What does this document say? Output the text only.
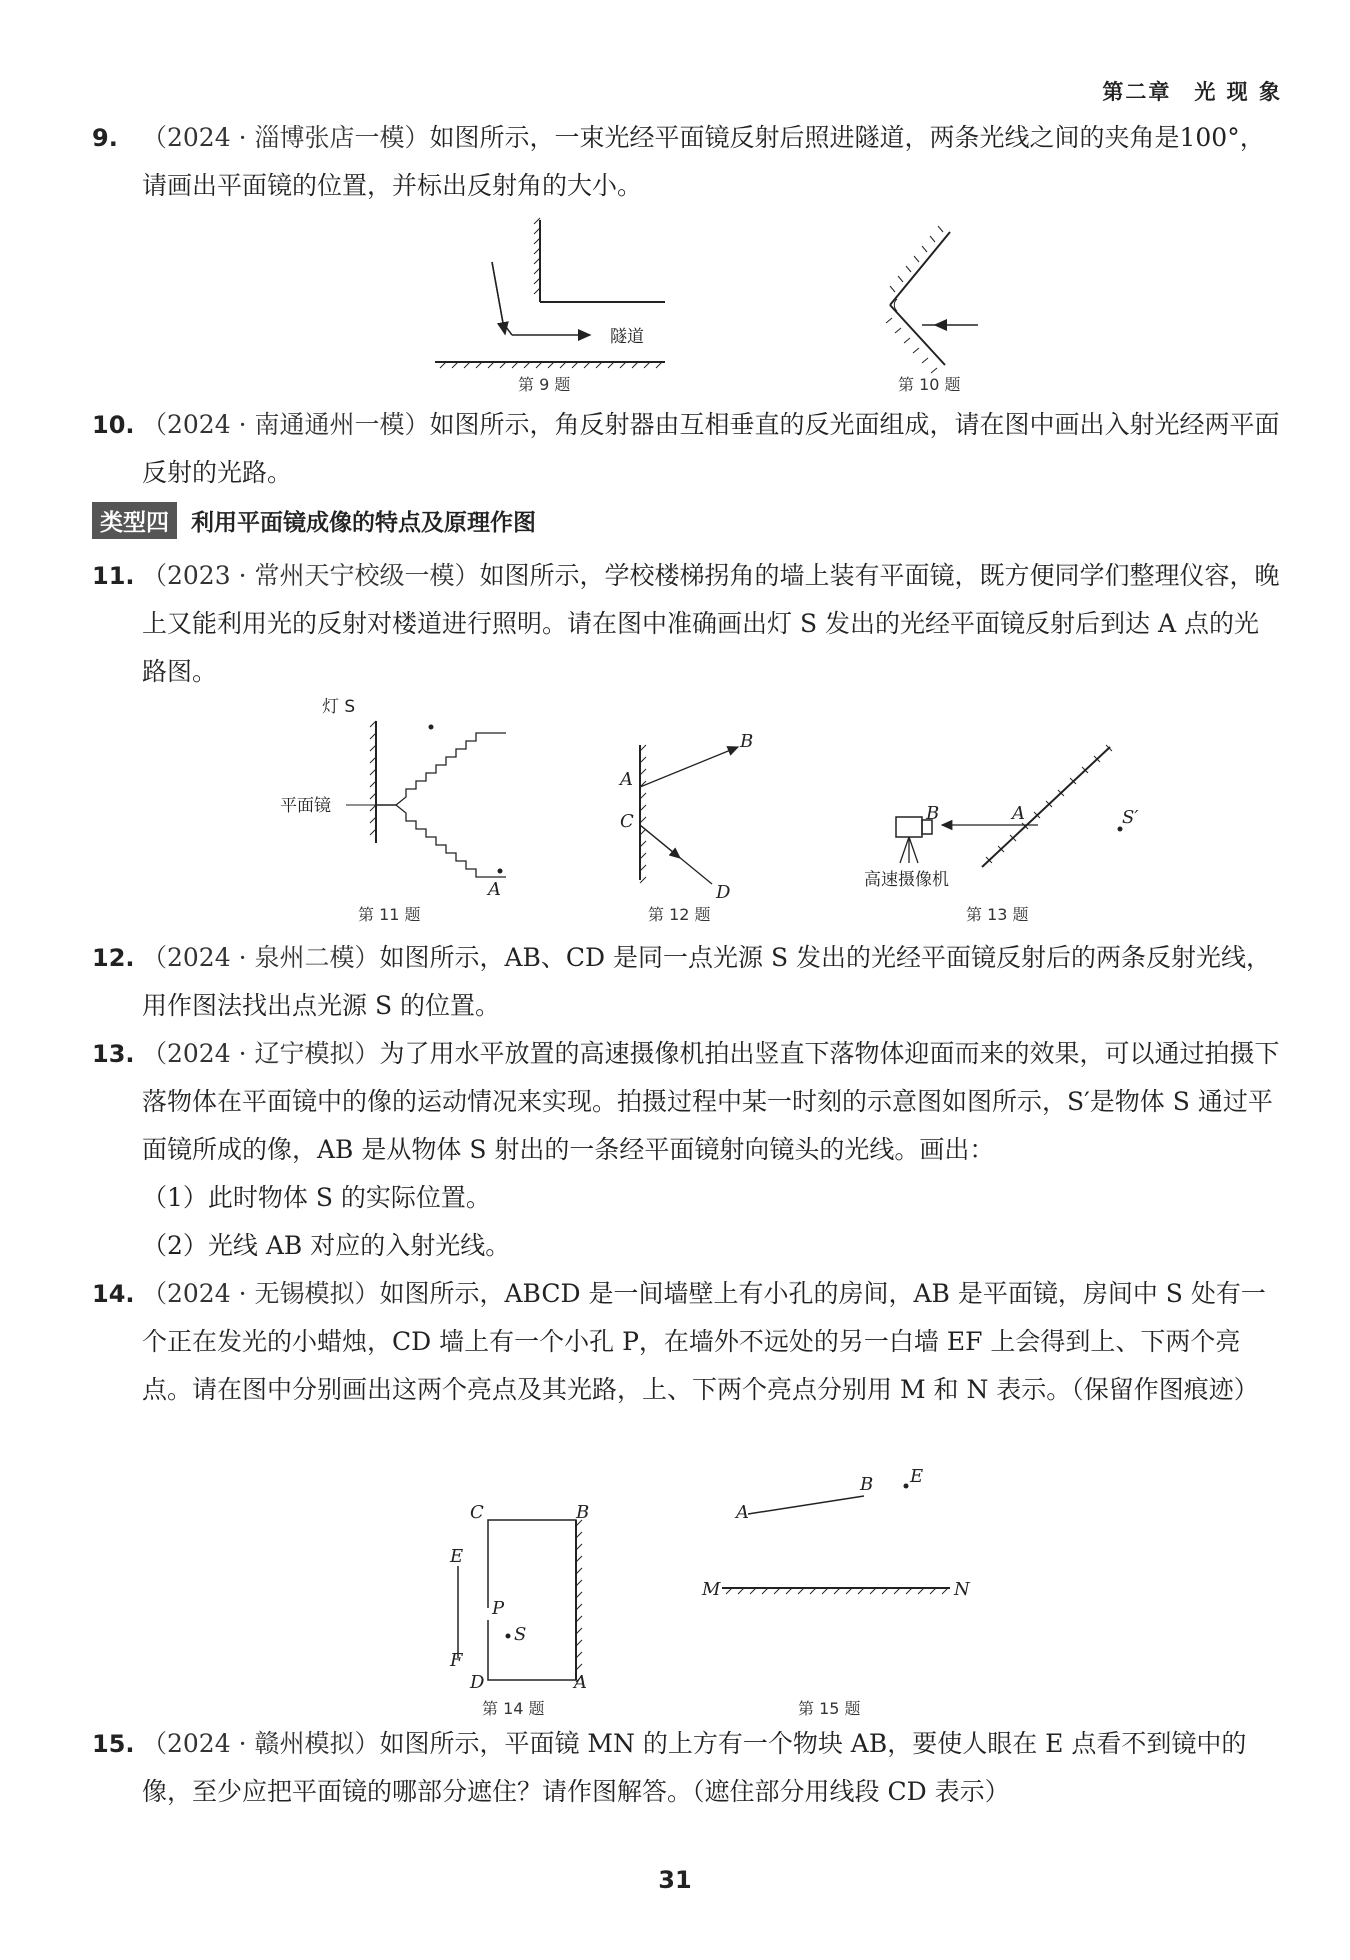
第二章　光 现 象
9. （2024 · 淄博张店一模）如图所示，一束光经平面镜反射后照进隧道，两条光线之间的夹角是100°，请画出平面镜的位置，并标出反射角的大小。
隧道
第 9 题	第 10 题
10. （2024 · 南通通州一模）如图所示，角反射器由互相垂直的反光面组成，请在图中画出入射光经两平面反射的光路。
类型四 利用平面镜成像的特点及原理作图
11. （2023 · 常州天宁校级一模）如图所示，学校楼梯拐角的墙上装有平面镜，既方便同学们整理仪容，晚上又能利用光的反射对楼道进行照明。请在图中准确画出灯 S 发出的光经平面镜反射后到达 A 点的光路图。
灯 S
平面镜
A
第 11 题
A
B
C
D
第 12 题
A
B	S′
高速摄像机
第 13 题
12. （2024 · 泉州二模）如图所示，AB、CD 是同一点光源 S 发出的光经平面镜反射后的两条反射光线，用作图法找出点光源 S 的位置。
13. （2024 · 辽宁模拟）为了用水平放置的高速摄像机拍出竖直下落物体迎面而来的效果，可以通过拍摄下落物体在平面镜中的像的运动情况来实现。拍摄过程中某一时刻的示意图如图所示，S′是物体 S 通过平面镜所成的像，AB 是从物体 S 射出的一条经平面镜射向镜头的光线。画出：
（1）此时物体 S 的实际位置。
（2）光线 AB 对应的入射光线。
14. （2024 · 无锡模拟）如图所示，ABCD 是一间墙壁上有小孔的房间，AB 是平面镜，房间中 S 处有一个正在发光的小蜡烛，CD 墙上有一个小孔 P，在墙外不远处的另一白墙 EF 上会得到上、下两个亮点。请在图中分别画出这两个亮点及其光路，上、下两个亮点分别用 M 和 N 表示。（保留作图痕迹）
C	B
E
P
S
F
D	A
第 14 题
A
B E
M	N
第 15 题
15. （2024 · 赣州模拟）如图所示，平面镜 MN 的上方有一个物块 AB，要使人眼在 E 点看不到镜中的像，至少应把平面镜的哪部分遮住？请作图解答。（遮住部分用线段 CD 表示）
31
